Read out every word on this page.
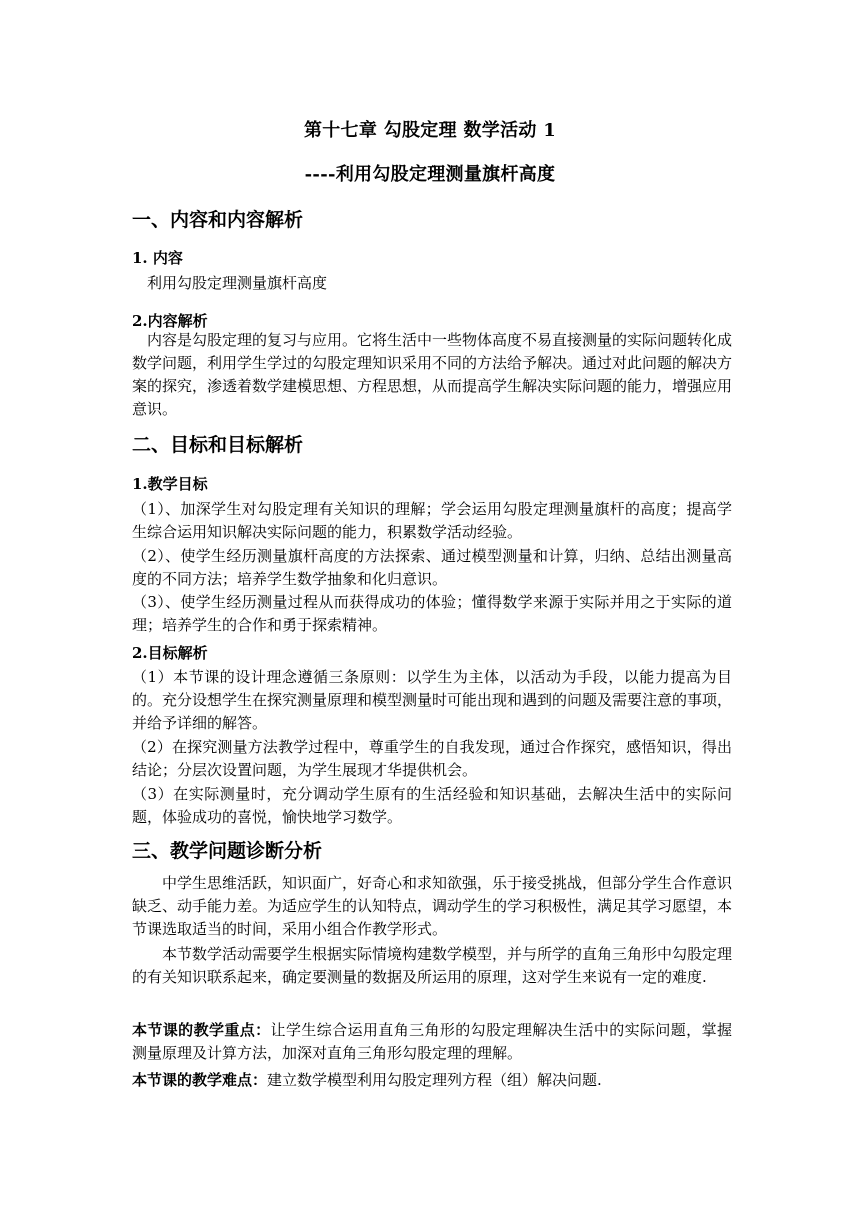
第十七章 勾股定理 数学活动 1
----利用勾股定理测量旗杆高度
一、内容和内容解析
1. 内容
利用勾股定理测量旗杆高度
2.内容解析
内容是勾股定理的复习与应用。它将生活中一些物体高度不易直接测量的实际问题转化成数学问题，利用学生学过的勾股定理知识采用不同的方法给予解决。通过对此问题的解决方案的探究，渗透着数学建模思想、方程思想，从而提高学生解决实际问题的能力，增强应用意识。
二、目标和目标解析
1.教学目标
（1）、加深学生对勾股定理有关知识的理解；学会运用勾股定理测量旗杆的高度；提高学生综合运用知识解决实际问题的能力，积累数学活动经验。
（2）、使学生经历测量旗杆高度的方法探索、通过模型测量和计算，归纳、总结出测量高度的不同方法；培养学生数学抽象和化归意识。
（3）、使学生经历测量过程从而获得成功的体验；懂得数学来源于实际并用之于实际的道理；培养学生的合作和勇于探索精神。
2.目标解析
（1）本节课的设计理念遵循三条原则：以学生为主体，以活动为手段，以能力提高为目的。充分设想学生在探究测量原理和模型测量时可能出现和遇到的问题及需要注意的事项，并给予详细的解答。
（2）在探究测量方法教学过程中，尊重学生的自我发现，通过合作探究，感悟知识，得出结论；分层次设置问题，为学生展现才华提供机会。
（3）在实际测量时，充分调动学生原有的生活经验和知识基础，去解决生活中的实际问题，体验成功的喜悦，愉快地学习数学。
三、教学问题诊断分析
中学生思维活跃，知识面广，好奇心和求知欲强，乐于接受挑战，但部分学生合作意识缺乏、动手能力差。为适应学生的认知特点，调动学生的学习积极性，满足其学习愿望，本节课选取适当的时间，采用小组合作教学形式。
本节数学活动需要学生根据实际情境构建数学模型，并与所学的直角三角形中勾股定理的有关知识联系起来，确定要测量的数据及所运用的原理，这对学生来说有一定的难度.
本节课的教学重点：让学生综合运用直角三角形的勾股定理解决生活中的实际问题，掌握测量原理及计算方法，加深对直角三角形勾股定理的理解。
本节课的教学难点：建立数学模型利用勾股定理列方程（组）解决问题.
